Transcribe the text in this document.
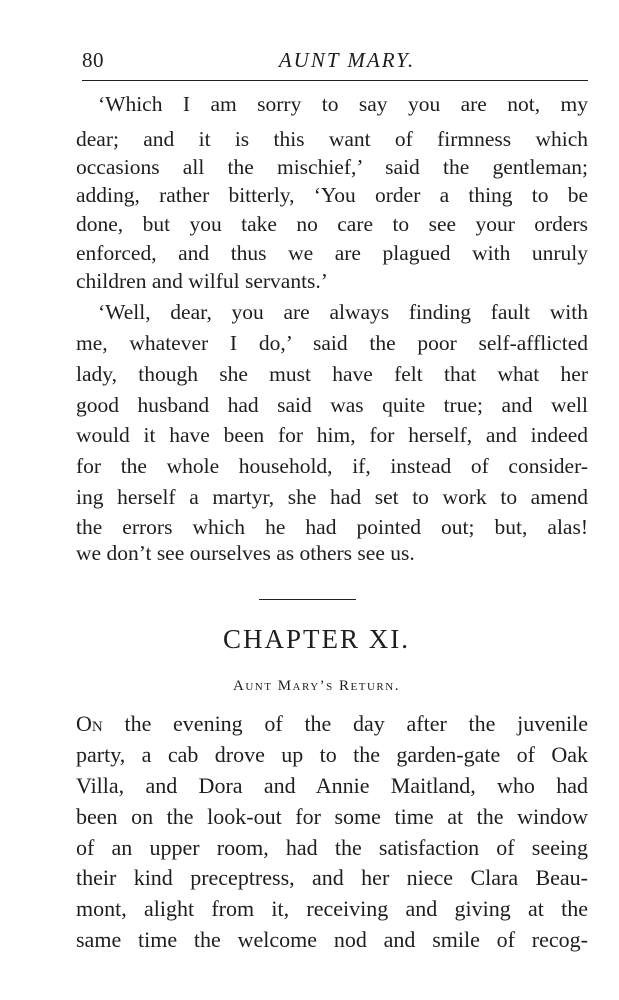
80	AUNT MARY.
‘Which I am sorry to say you are not, my
dear; and it is this want of firmness which
occasions all the mischief,’ said the gentleman;
adding, rather bitterly, ‘You order a thing to be
done, but you take no care to see your orders
enforced, and thus we are plagued with unruly
children and wilful servants.’
‘Well, dear, you are always finding fault with
me, whatever I do,’ said the poor self-afflicted
lady, though she must have felt that what her
good husband had said was quite true; and well
would it have been for him, for herself, and indeed
for the whole household, if, instead of consider-
ing herself a martyr, she had set to work to amend
the errors which he had pointed out; but, alas!
we don’t see ourselves as others see us.
CHAPTER XI.
Aunt Mary’s Return.
On the evening of the day after the juvenile
party, a cab drove up to the garden-gate of Oak
Villa, and Dora and Annie Maitland, who had
been on the look-out for some time at the window
of an upper room, had the satisfaction of seeing
their kind preceptress, and her niece Clara Beau-
mont, alight from it, receiving and giving at the
same time the welcome nod and smile of recog-
